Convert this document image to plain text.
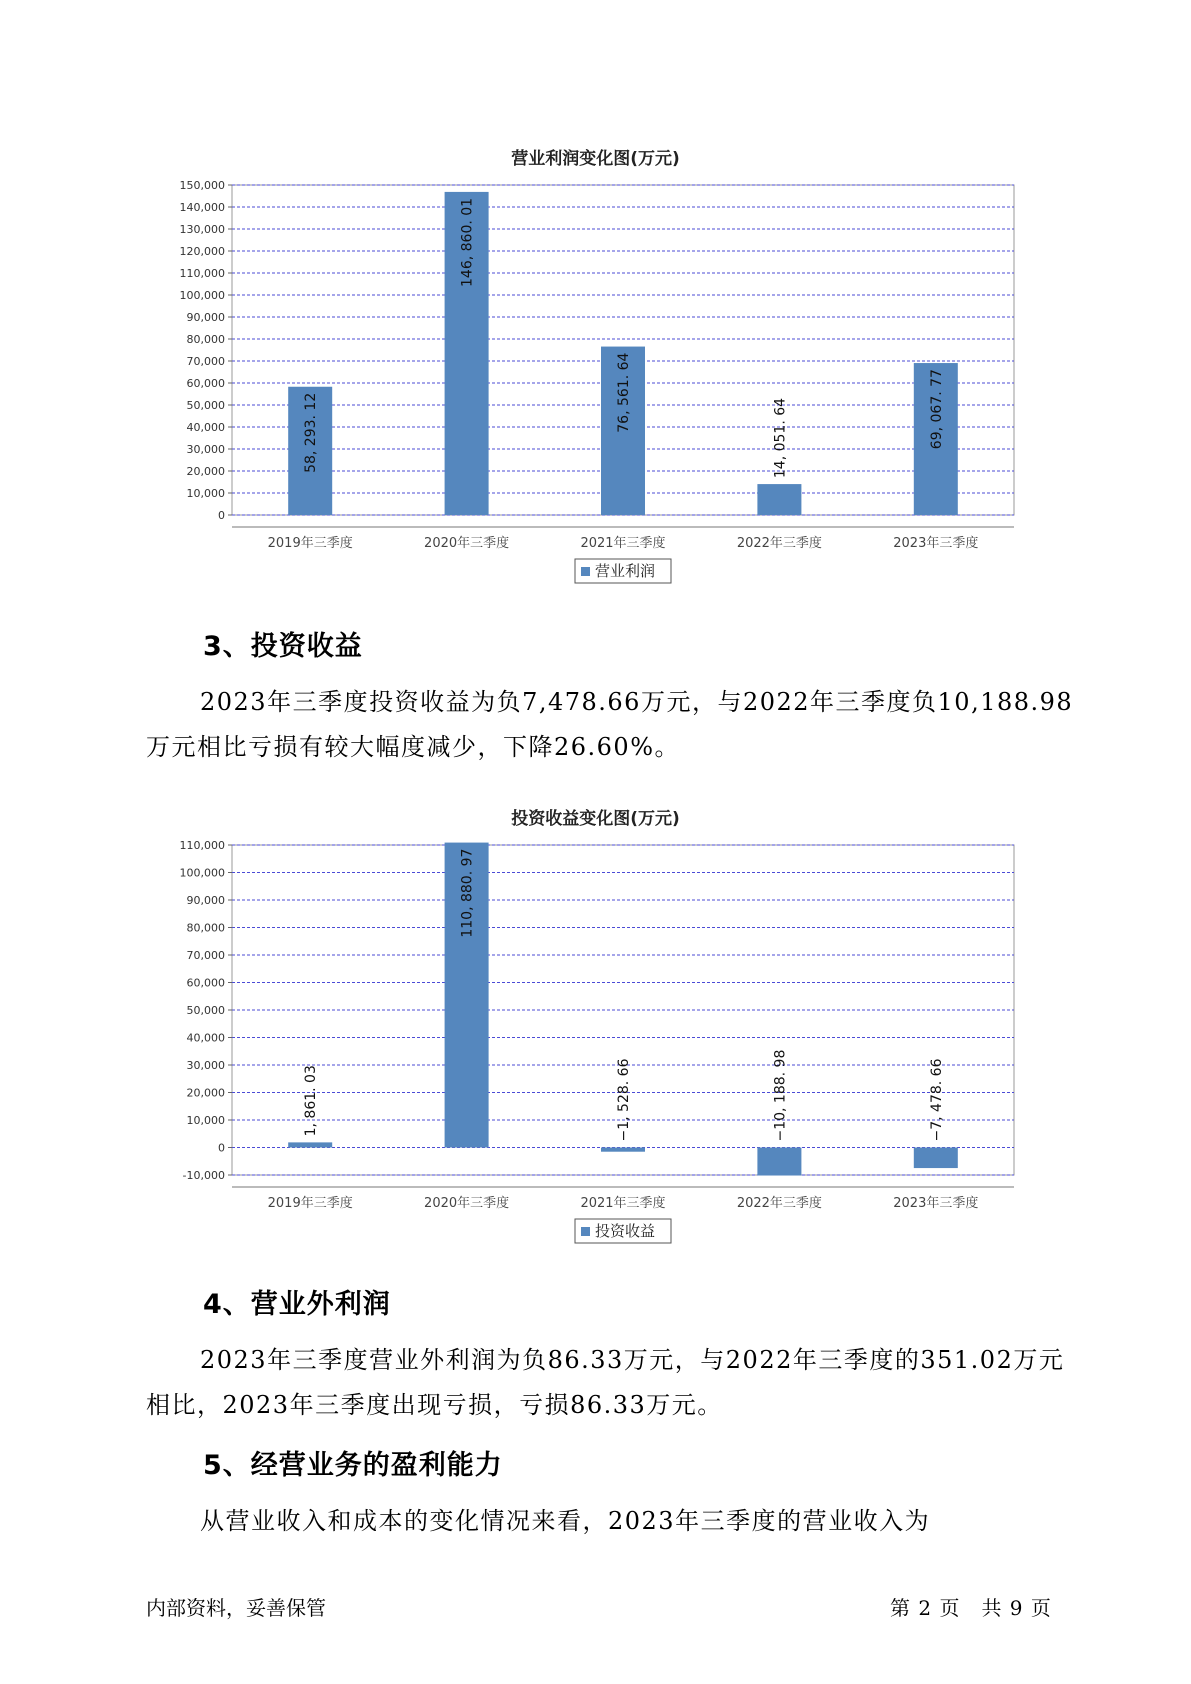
营业利润变化图(万元)
0
10,000
20,000
30,000
40,000
50,000
60,000
70,000
80,000
90,000
100,000
110,000
120,000
130,000
140,000
150,000
58, 293. 12
2019年三季度
146, 860. 01
2020年三季度
76, 561. 64
2021年三季度
14, 051. 64
2022年三季度
69, 067. 77
2023年三季度
营业利润
3、投资收益
2023年三季度投资收益为负7,478.66万元，与2022年三季度负10,188.98万元相比亏损有较大幅度减少，下降26.60%。
投资收益变化图(万元)
-10,000
0
10,000
20,000
30,000
40,000
50,000
60,000
70,000
80,000
90,000
100,000
110,000
1, 861. 03
2019年三季度
110, 880. 97
2020年三季度
−1, 528. 66
2021年三季度
−10, 188. 98
2022年三季度
−7, 478. 66
2023年三季度
投资收益
4、营业外利润
2023年三季度营业外利润为负86.33万元，与2022年三季度的351.02万元相比，2023年三季度出现亏损，亏损86.33万元。
5、经营业务的盈利能力
从营业收入和成本的变化情况来看，2023年三季度的营业收入为
内部资料，妥善保管	第 2 页　共 9 页
